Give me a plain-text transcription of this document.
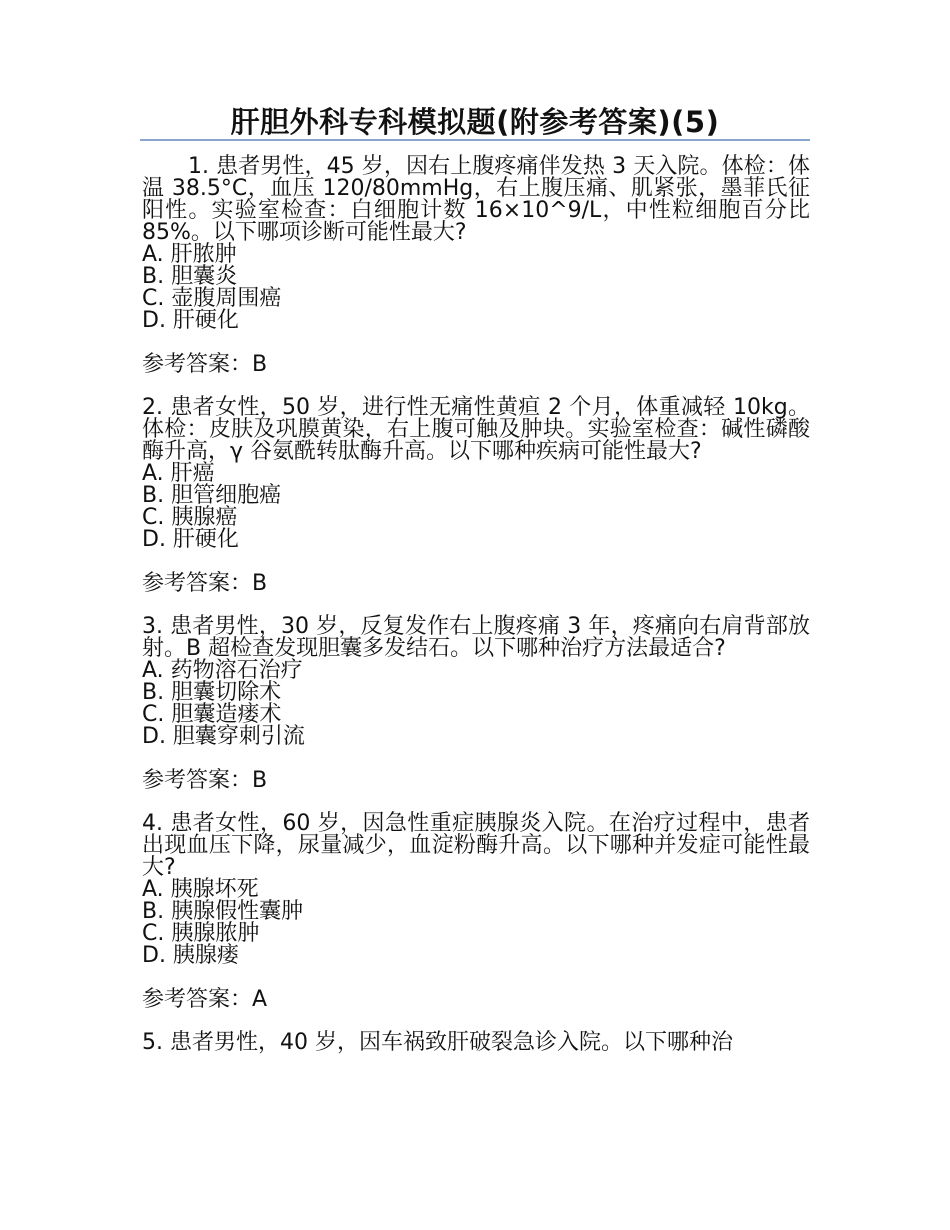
肝胆外科专科模拟题(附参考答案)(5)
1. 患者男性，45 岁，因右上腹疼痛伴发热 3 天入院。体检：体温 38.5°C，血压 120/80mmHg，右上腹压痛、肌紧张，墨菲氏征阳性。实验室检查：白细胞计数 16×10^9/L，中性粒细胞百分比 85%。以下哪项诊断可能性最大?
A. 肝脓肿
B. 胆囊炎
C. 壶腹周围癌
D. 肝硬化
参考答案：B
2. 患者女性，50 岁，进行性无痛性黄疸 2 个月，体重减轻 10kg。体检：皮肤及巩膜黄染，右上腹可触及肿块。实验室检查：碱性磷酸酶升高，γ 谷氨酰转肽酶升高。以下哪种疾病可能性最大?
A. 肝癌
B. 胆管细胞癌
C. 胰腺癌
D. 肝硬化
参考答案：B
3. 患者男性，30 岁，反复发作右上腹疼痛 3 年，疼痛向右肩背部放射。B 超检查发现胆囊多发结石。以下哪种治疗方法最适合?
A. 药物溶石治疗
B. 胆囊切除术
C. 胆囊造瘘术
D. 胆囊穿刺引流
参考答案：B
4. 患者女性，60 岁，因急性重症胰腺炎入院。在治疗过程中，患者出现血压下降，尿量减少，血淀粉酶升高。以下哪种并发症可能性最大?
A. 胰腺坏死
B. 胰腺假性囊肿
C. 胰腺脓肿
D. 胰腺瘘
参考答案：A
5. 患者男性，40 岁，因车祸致肝破裂急诊入院。以下哪种治
